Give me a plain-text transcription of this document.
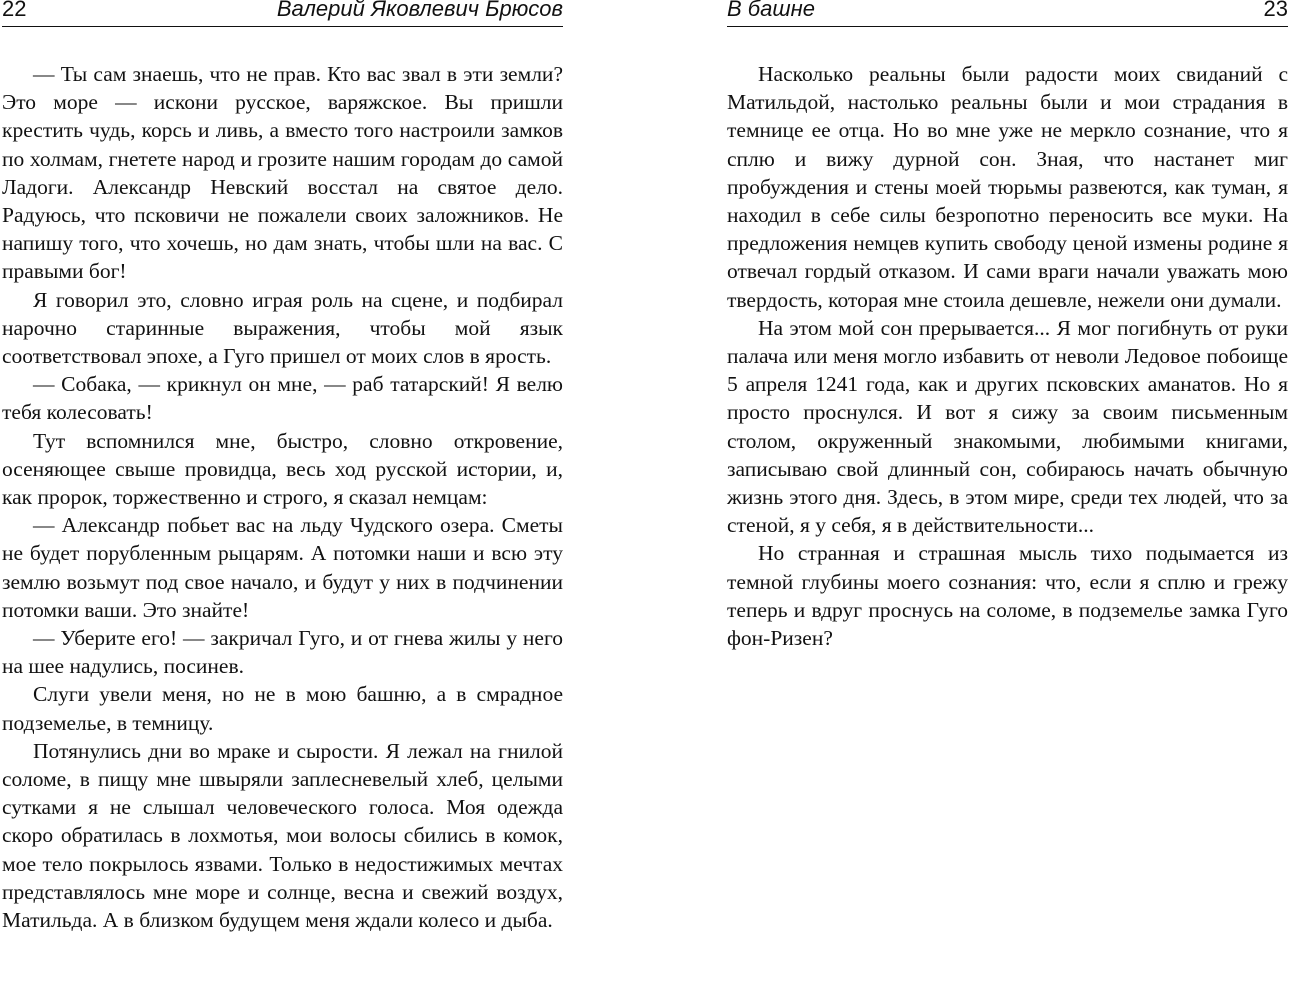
22	Валерий Яковлевич Брюсов

— Ты сам знаешь, что не прав. Кто вас звал в эти земли? Это море — искони русское, варяжское. Вы пришли крестить чудь, корсь и ливь, а вместо того настроили замков по холмам, гнетете народ и грозите нашим городам до самой Ладоги. Александр Невский восстал на святое дело. Радуюсь, что псковичи не пожалели своих заложников. Не напишу того, что хочешь, но дам знать, чтобы шли на вас. С правыми бог!

Я говорил это, словно играя роль на сцене, и подбирал нарочно старинные выражения, чтобы мой язык соответствовал эпохе, а Гуго пришел от моих слов в ярость.

— Собака, — крикнул он мне, — раб татарский! Я велю тебя колесовать!

Тут вспомнился мне, быстро, словно откровение, осеняющее свыше провидца, весь ход русской истории, и, как пророк, торжественно и строго, я сказал немцам:

— Александр побьет вас на льду Чудского озера. Сметы не будет порубленным рыцарям. А потомки наши и всю эту землю возьмут под свое начало, и будут у них в подчинении потомки ваши. Это знайте!

— Уберите его! — закричал Гуго, и от гнева жилы у него на шее надулись, посинев.

Слуги увели меня, но не в мою башню, а в смрадное подземелье, в темницу.

Потянулись дни во мраке и сырости. Я лежал на гнилой соломе, в пищу мне швыряли заплесневелый хлеб, целыми сутками я не слышал человеческого голоса. Моя одежда скоро обратилась в лохмотья, мои волосы сбились в комок, мое тело покрылось язвами. Только в недостижимых мечтах представлялось мне море и солнце, весна и свежий воздух, Матильда. А в близком будущем меня ждали колесо и дыба.

В башне	23

Насколько реальны были радости моих свиданий с Матильдой, настолько реальны были и мои страдания в темнице ее отца. Но во мне уже не меркло сознание, что я сплю и вижу дурной сон. Зная, что настанет миг пробуждения и стены моей тюрьмы развеются, как туман, я находил в себе силы безропотно переносить все муки. На предложения немцев купить свободу ценой измены родине я отвечал гордый отказом. И сами враги начали уважать мою твердость, которая мне стоила дешевле, нежели они думали.

На этом мой сон прерывается... Я мог погибнуть от руки палача или меня могло избавить от неволи Ледовое побоище 5 апреля 1241 года, как и других псковских аманатов. Но я просто проснулся. И вот я сижу за своим письменным столом, окруженный знакомыми, любимыми книгами, записываю свой длинный сон, собираюсь начать обычную жизнь этого дня. Здесь, в этом мире, среди тех людей, что за стеной, я у себя, я в действительности...

Но странная и страшная мысль тихо подымается из темной глубины моего сознания: что, если я сплю и грежу теперь и вдруг проснусь на соломе, в подземелье замка Гуго фон-Ризен?
